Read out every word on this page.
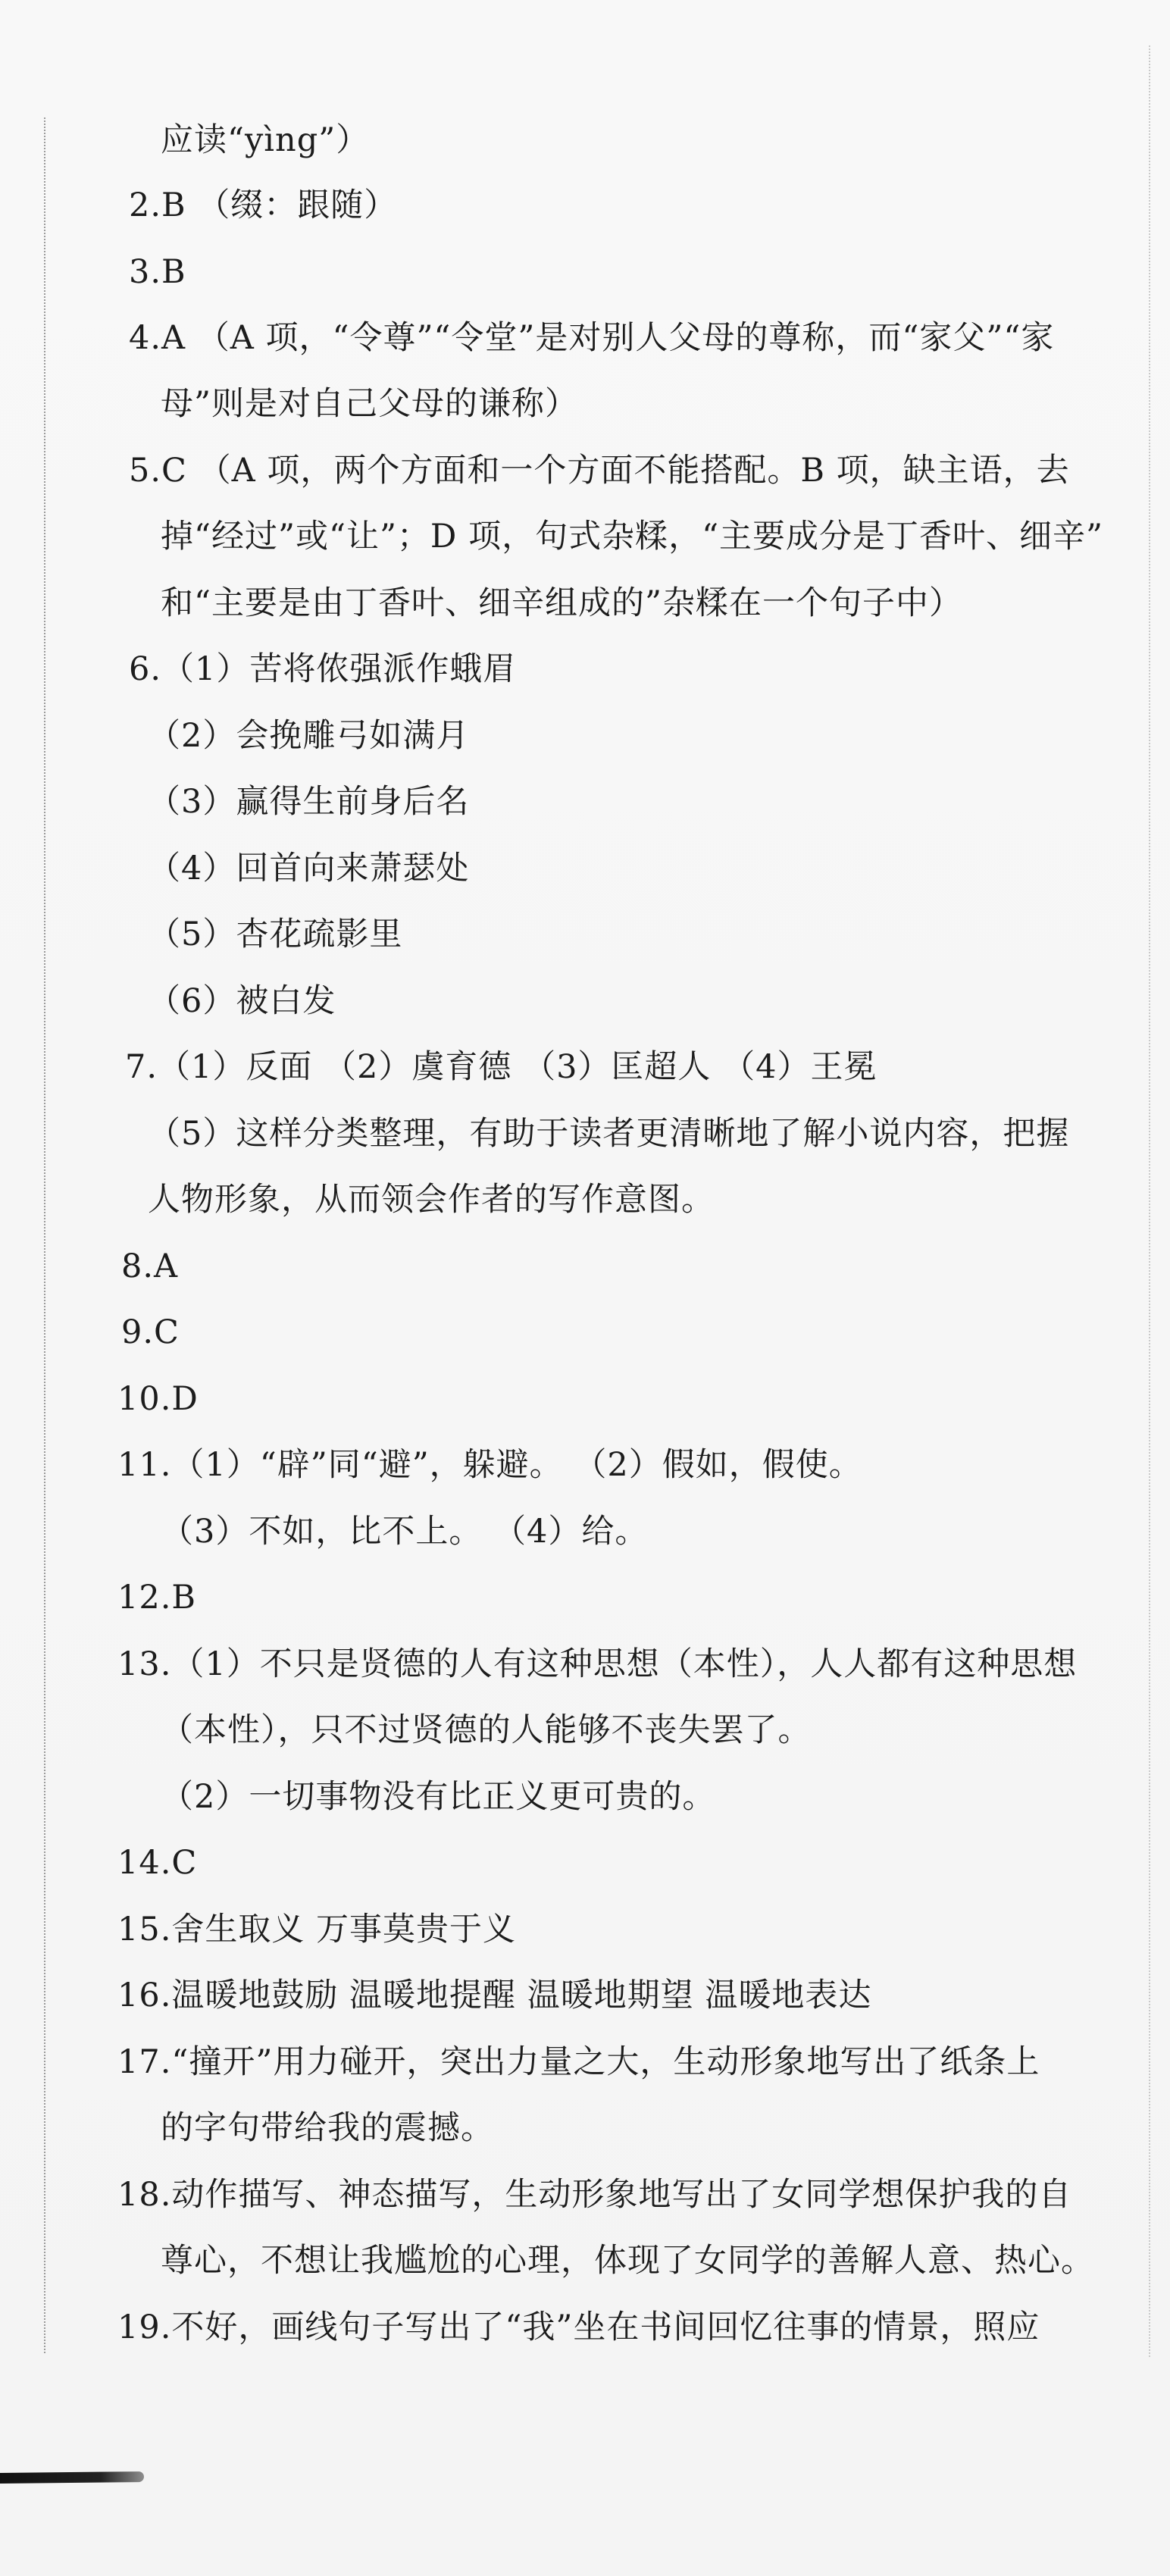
应读“yìng”）
2.B （缀：跟随）
3.B
4.A （A 项，“令尊”“令堂”是对别人父母的尊称，而“家父”“家
母”则是对自己父母的谦称）
5.C （A 项，两个方面和一个方面不能搭配。B 项，缺主语，去
掉“经过”或“让”；D 项，句式杂糅，“主要成分是丁香叶、细辛”
和“主要是由丁香叶、细辛组成的”杂糅在一个句子中）
6.（1）苦将侬强派作蛾眉
（2）会挽雕弓如满月
（3）赢得生前身后名
（4）回首向来萧瑟处
（5）杏花疏影里
（6）被白发
7.（1）反面 （2）虞育德 （3）匡超人 （4）王冕
（5）这样分类整理，有助于读者更清晰地了解小说内容，把握
人物形象，从而领会作者的写作意图。
8.A
9.C
10.D
11.（1）“辟”同“避”，躲避。 （2）假如，假使。
（3）不如，比不上。 （4）给。
12.B
13.（1）不只是贤德的人有这种思想（本性），人人都有这种思想
（本性），只不过贤德的人能够不丧失罢了。
（2）一切事物没有比正义更可贵的。
14.C
15.舍生取义 万事莫贵于义
16.温暖地鼓励 温暖地提醒 温暖地期望 温暖地表达
17.“撞开”用力碰开，突出力量之大，生动形象地写出了纸条上
的字句带给我的震撼。
18.动作描写、神态描写，生动形象地写出了女同学想保护我的自
尊心，不想让我尴尬的心理，体现了女同学的善解人意、热心。
19.不好，画线句子写出了“我”坐在书间回忆往事的情景，照应
